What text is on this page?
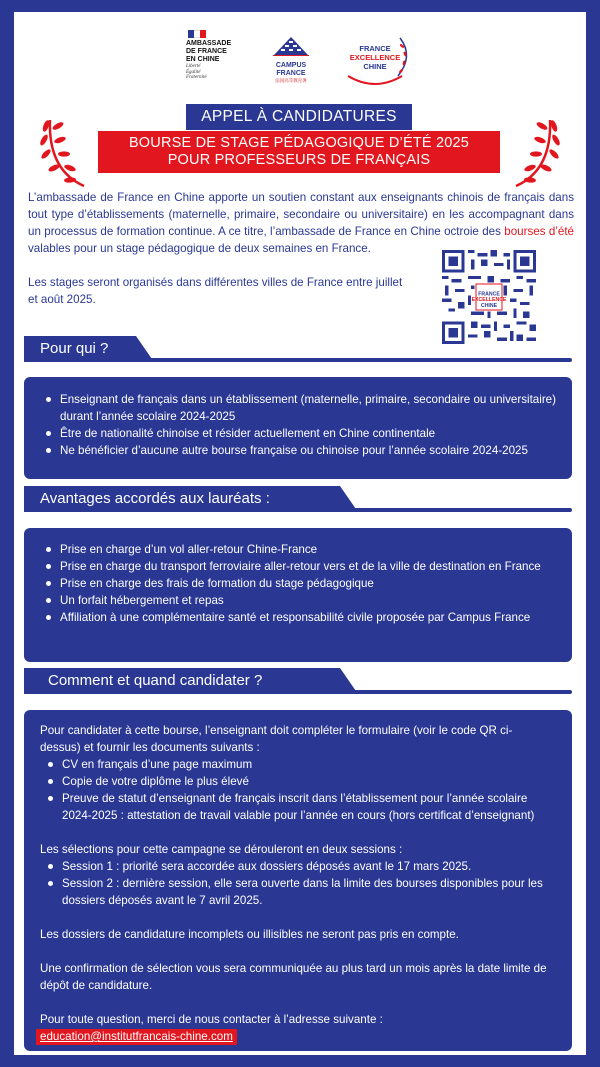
AMBASSADE
DE FRANCE
EN CHINE
Liberté
Égalité
Fraternité
CAMPUS
FRANCE
法国高等教育署
FRANCE
EXCELLENCE
CHINE
APPEL À CANDIDATURES
BOURSE DE STAGE PÉDAGOGIQUE D’ÉTÉ 2025
POUR PROFESSEURS DE FRANÇAIS

L’ambassade de France en Chine apporte un soutien constant aux enseignants chinois de français dans tout type d’établissements (maternelle, primaire, secondaire ou universitaire) en les accompagnant dans un processus de formation continue. A ce titre, l’ambassade de France en Chine octroie des bourses d’été valables pour un stage pédagogique de deux semaines en France.

Les stages seront organisés dans différentes villes de France entre juillet et août 2025.	FRANCE
EXCELLENCE
CHINE
Pour qui ?
Enseignant de français dans un établissement (maternelle, primaire, secondaire ou universitaire) durant l’année scolaire 2024-2025
Être de nationalité chinoise et résider actuellement en Chine continentale
Ne bénéficier d’aucune autre bourse française ou chinoise pour l’année scolaire 2024-2025
Avantages accordés aux lauréats :
Prise en charge d’un vol aller-retour Chine-France
Prise en charge du transport ferroviaire aller-retour vers et de la ville de destination en France
Prise en charge des frais de formation du stage pédagogique
Un forfait hébergement et repas
Affiliation à une complémentaire santé et responsabilité civile proposée par Campus France
Comment et quand candidater ?

Pour candidater à cette bourse, l’enseignant doit compléter le formulaire (voir le code QR ci-dessus) et fournir les documents suivants :

CV en français d’une page maximum
Copie de votre diplôme le plus élevé
Preuve de statut d’enseignant de français inscrit dans l’établissement pour l’année scolaire 2024-2025 : attestation de travail valable pour l’année en cours (hors certificat d’enseignant)

Les sélections pour cette campagne se dérouleront en deux sessions :

Session 1 : priorité sera accordée aux dossiers déposés avant le 17 mars 2025.
Session 2 : dernière session, elle sera ouverte dans la limite des bourses disponibles pour les dossiers déposés avant le 7 avril 2025.

Les dossiers de candidature incomplets ou illisibles ne seront pas pris en compte.

Une confirmation de sélection vous sera communiquée au plus tard un mois après la date limite de dépôt de candidature.

Pour toute question, merci de nous contacter à l’adresse suivante :

education@institutfrancais-chine.com
